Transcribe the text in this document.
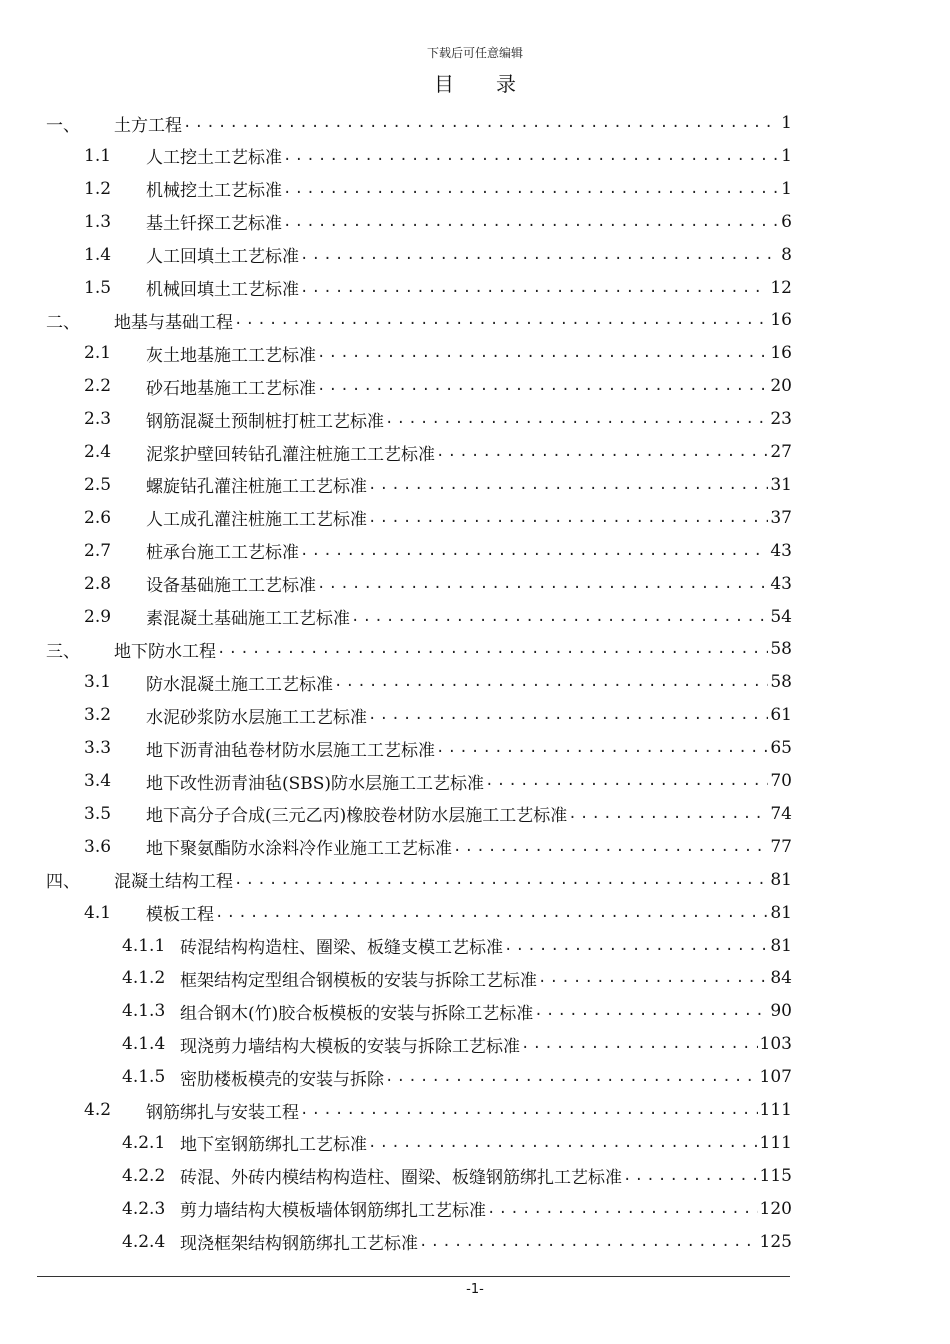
下载后可任意编辑
目录
一、	土方工程 .....	1
1.1	人工挖土工艺标准 .....	1
1.2	机械挖土工艺标准 .....	1
1.3	基土钎探工艺标准 .....	6
1.4	人工回填土工艺标准 .....	8
1.5	机械回填土工艺标准 .....	12
二、	地基与基础工程 .....	16
2.1	灰土地基施工工艺标准 .....	16
2.2	砂石地基施工工艺标准 .....	20
2.3	钢筋混凝土预制桩打桩工艺标准 .....	23
2.4	泥浆护壁回转钻孔灌注桩施工工艺标准 .....	27
2.5	螺旋钻孔灌注桩施工工艺标准 .....	31
2.6	人工成孔灌注桩施工工艺标准 .....	37
2.7	桩承台施工工艺标准 .....	43
2.8	设备基础施工工艺标准 .....	43
2.9	素混凝土基础施工工艺标准 .....	54
三、	地下防水工程 .....	58
3.1	防水混凝土施工工艺标准 .....	58
3.2	水泥砂浆防水层施工工艺标准 .....	61
3.3	地下沥青油毡卷材防水层施工工艺标准 .....	65
3.4	地下改性沥青油毡(SBS)防水层施工工艺标准 .....	70
3.5	地下高分子合成(三元乙丙)橡胶卷材防水层施工工艺标准 .....	74
3.6	地下聚氨酯防水涂料冷作业施工工艺标准 .....	77
四、	混凝土结构工程 .....	81
4.1	模板工程 .....	81
4.1.1 砖混结构构造柱、圈梁、板缝支模工艺标准 .....	81
4.1.2 框架结构定型组合钢模板的安装与拆除工艺标准 .....	84
4.1.3 组合钢木(竹)胶合板模板的安装与拆除工艺标准 .....	90
4.1.4 现浇剪力墙结构大模板的安装与拆除工艺标准 .....	103
4.1.5 密肋楼板模壳的安装与拆除 .....	107
4.2	钢筋绑扎与安装工程 .....	111
4.2.1 地下室钢筋绑扎工艺标准 .....	111
4.2.2 砖混、外砖内模结构构造柱、圈梁、板缝钢筋绑扎工艺标准 .....	115
4.2.3 剪力墙结构大模板墙体钢筋绑扎工艺标准 .....	120
4.2.4 现浇框架结构钢筋绑扎工艺标准 .....	125
-1-
